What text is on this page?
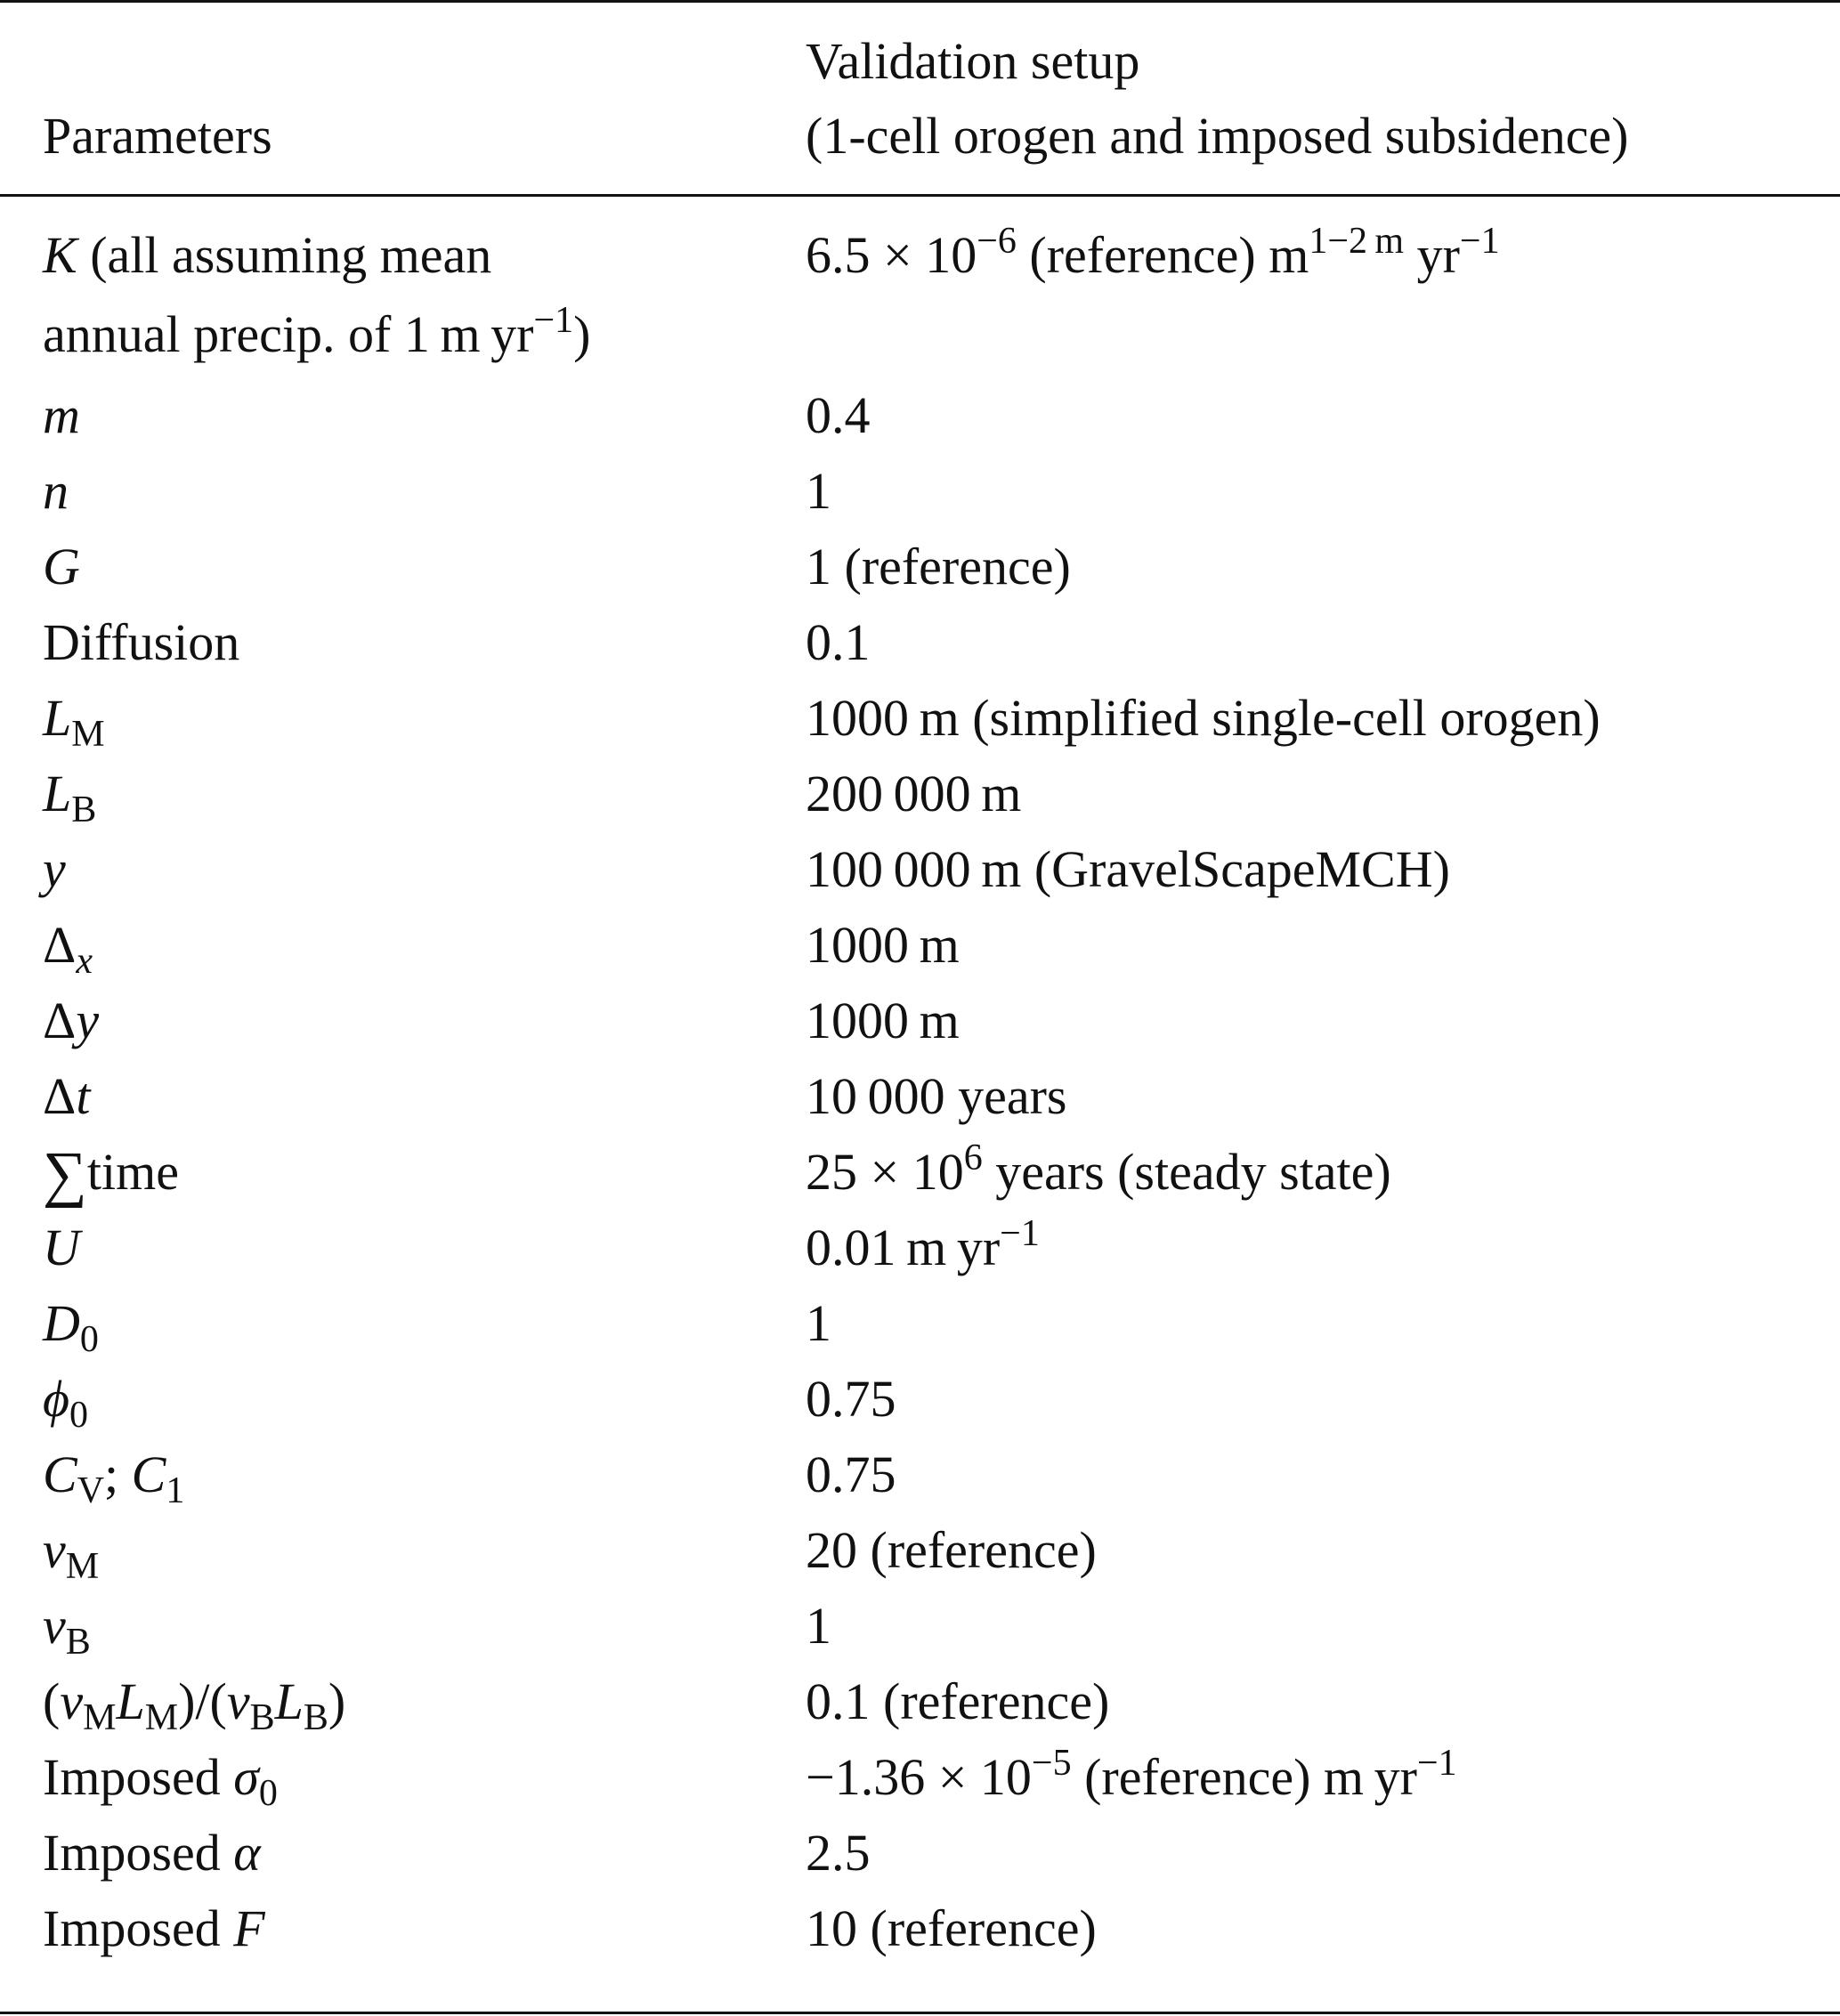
Validation setup
Parameters	(1-cell orogen and imposed subsidence)
K (all assuming mean	$6.5 \times 10^{-6}$ (reference) $m^{1-2 m}$ $yr^{-1}$
annual precip. of 1 m $yr^{-1}$)
m	0.4
n	1
G	1 (reference)
Diffusion	0.1
$L_M$	1000 m (simplified single-cell orogen)
$L_B$	200 000 m
y	100 000 m (GravelScapeMCH)
$\Delta_x$	1000 m
Δy	1000 m
Δt	10 000 years
∑time	$25 \times 10^6$ years (steady state)
U	0.01 m $yr^{-1}$
$D_0$	1
$\phi_0$	0.75
$C_V$; $C_1$	0.75
$\nu_M$	20 (reference)
$\nu_B$	1
$(\nu_ML_M)/(\nu_BL_B)$	0.1 (reference)
Imposed $\sigma_0$	$-1.36 \times 10^{-5}$ (reference) m $yr^{-1}$
Imposed α	2.5
Imposed F	10 (reference)
